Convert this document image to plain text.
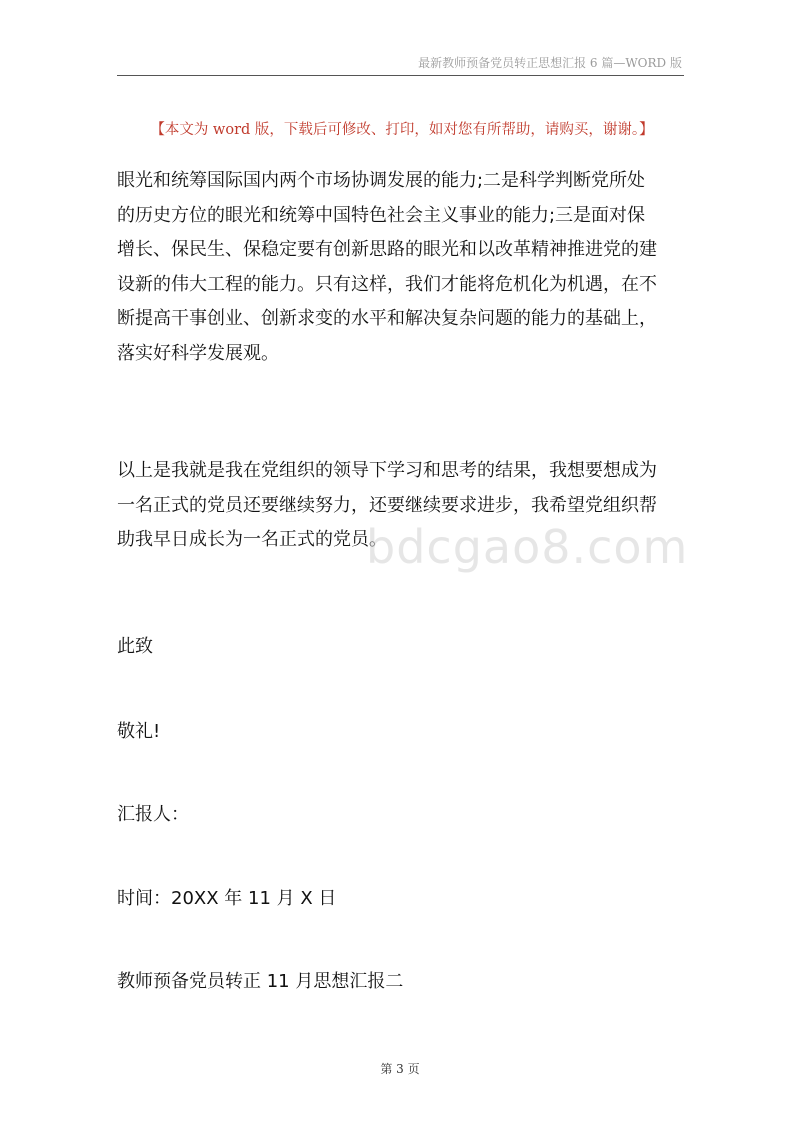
最新教师预备党员转正思想汇报 6 篇—WORD 版
【本文为 word 版，下载后可修改、打印，如对您有所帮助，请购买，谢谢。】

眼光和统筹国际国内两个市场协调发展的能力;二是科学判断党所处
的历史方位的眼光和统筹中国特色社会主义事业的能力;三是面对保
增长、保民生、保稳定要有创新思路的眼光和以改革精神推进党的建
设新的伟大工程的能力。只有这样，我们才能将危机化为机遇，在不
断提高干事创业、创新求变的水平和解决复杂问题的能力的基础上，
落实好科学发展观。

以上是我就是我在党组织的领导下学习和思考的结果，我想要想成为
一名正式的党员还要继续努力，还要继续要求进步，我希望党组织帮
助我早日成长为一名正式的党员。

bdcgao8.com
此致
敬礼!
汇报人：
时间：20XX 年 11 月 X 日
教师预备党员转正 11 月思想汇报二
第 3 页
